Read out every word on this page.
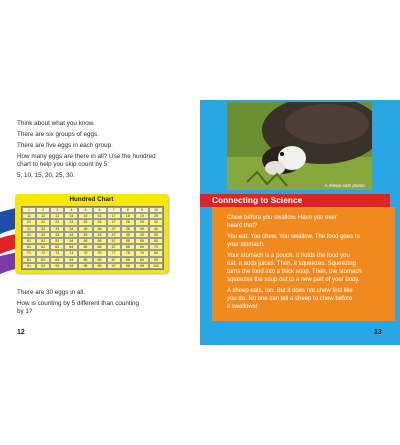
Think about what you know.
There are six groups of eggs.
There are five eggs in each group.
How many eggs are there in all? Use the hundred
chart to help you skip count by 5:
5, 10, 15, 20, 25, 30.
Hundred Chart
1	2	3	4	5	6	7	8	9	10
11	12	13	14	15	16	17	18	19	20
21	22	23	24	25	26	27	28	29	30
31	32	33	34	35	36	37	38	39	40
41	42	43	44	45	46	47	48	49	50
51	52	53	54	55	56	57	58	59	60
61	62	63	64	65	66	67	68	69	70
71	72	73	74	75	76	77	78	79	80
81	82	83	84	85	86	87	88	89	90
91	92	93	94	95	96	97	98	99	100
There are 30 eggs in all.
How is counting by 5 different than counting
by 1?
12
A sheep eats plants.
Connecting to Science
Chew before you swallow. Have you ever
heard that?
You eat. You chew. You swallow. The food goes to
your stomach.
Your stomach is a pouch. It holds the food you
eat. It adds juices. Then, it squeezes. Squeezing
turns the food into a thick soup. Then, the stomach
squeezes the soup out to a new part of your body.
A sheep eats, too. But it does not chew first like
you do. No one can tell a sheep to chew before
it swallows!
13
